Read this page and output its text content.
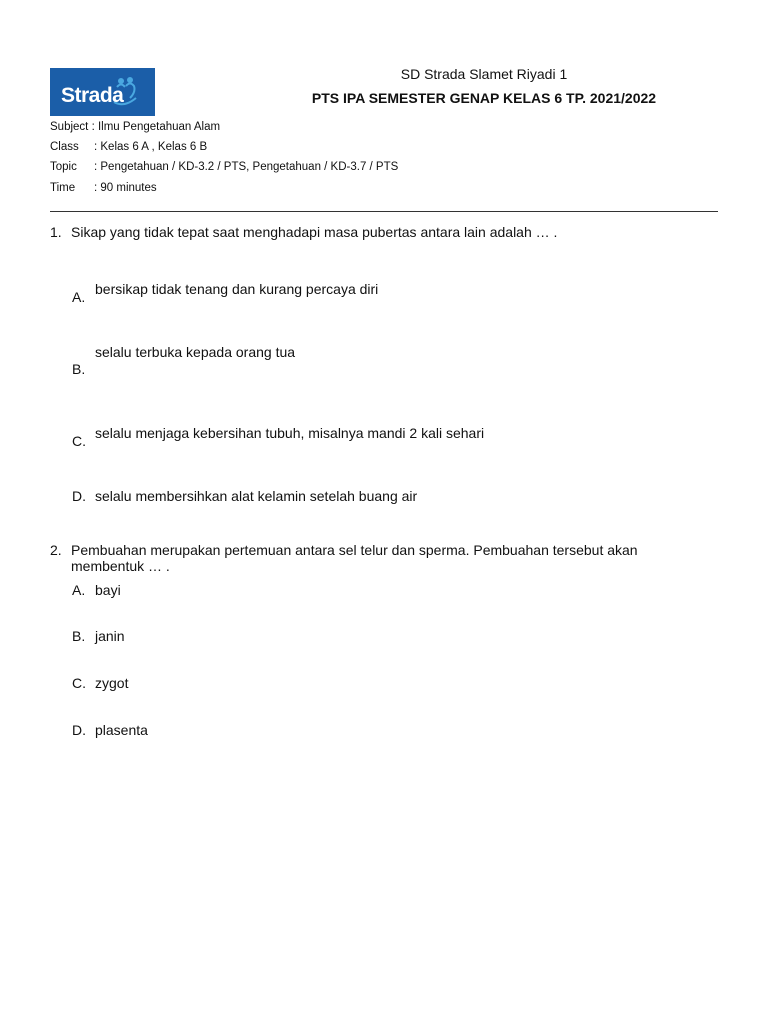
Strada
SD Strada Slamet Riyadi 1
PTS IPA SEMESTER GENAP KELAS 6 TP. 2021/2022
Subject : Ilmu Pengetahuan Alam
Class : Kelas 6 A , Kelas 6 B
Topic : Pengetahuan / KD-3.2 / PTS, Pengetahuan / KD-3.7 / PTS
Time : 90 minutes
1. Sikap yang tidak tepat saat menghadapi masa pubertas antara lain adalah … .
A. bersikap tidak tenang dan kurang percaya diri
B.
selalu terbuka kepada orang tua
C. selalu menjaga kebersihan tubuh, misalnya mandi 2 kali sehari
D. selalu membersihkan alat kelamin setelah buang air
2. Pembuahan merupakan pertemuan antara sel telur dan sperma. Pembuahan tersebut akan
membentuk … .
A. bayi
B. janin
C. zygot
D. plasenta
